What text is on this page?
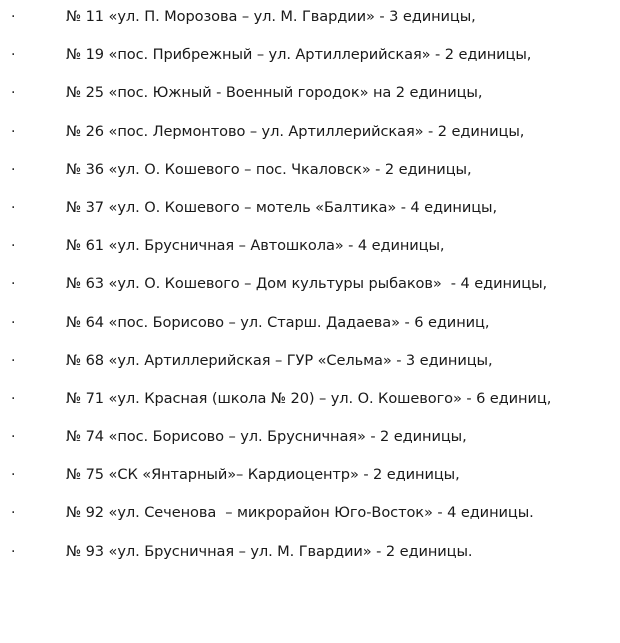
·

	№ 11 «ул. П. Морозова – ул. М. Гвардии» - 3 единицы,

·

	№ 19 «пос. Прибрежный – ул. Артиллерийская» - 2 единицы,

·

	№ 25 «пос. Южный - Военный городок» на 2 единицы,

·

	№ 26 «пос. Лермонтово – ул. Артиллерийская» - 2 единицы,

·

	№ 36 «ул. О. Кошевого – пос. Чкаловск» - 2 единицы,

·

	№ 37 «ул. О. Кошевого – мотель «Балтика» - 4 единицы,

·

	№ 61 «ул. Брусничная – Автошкола» - 4 единицы,

·

	№ 63 «ул. О. Кошевого – Дом культуры рыбаков»  - 4 единицы,

·

	№ 64 «пос. Борисово – ул. Старш. Дадаева» - 6 единиц,

·

	№ 68 «ул. Артиллерийская – ГУР «Сельма» - 3 единицы,

·

	№ 71 «ул. Красная (школа № 20) – ул. О. Кошевого» - 6 единиц,

·

	№ 74 «пос. Борисово – ул. Брусничная» - 2 единицы,

·

	№ 75 «СК «Янтарный»– Кардиоцентр» - 2 единицы,

·

	№ 92 «ул. Сеченова  – микрорайон Юго-Восток» - 4 единицы.

·

	№ 93 «ул. Брусничная – ул. М. Гвардии» - 2 единицы.
